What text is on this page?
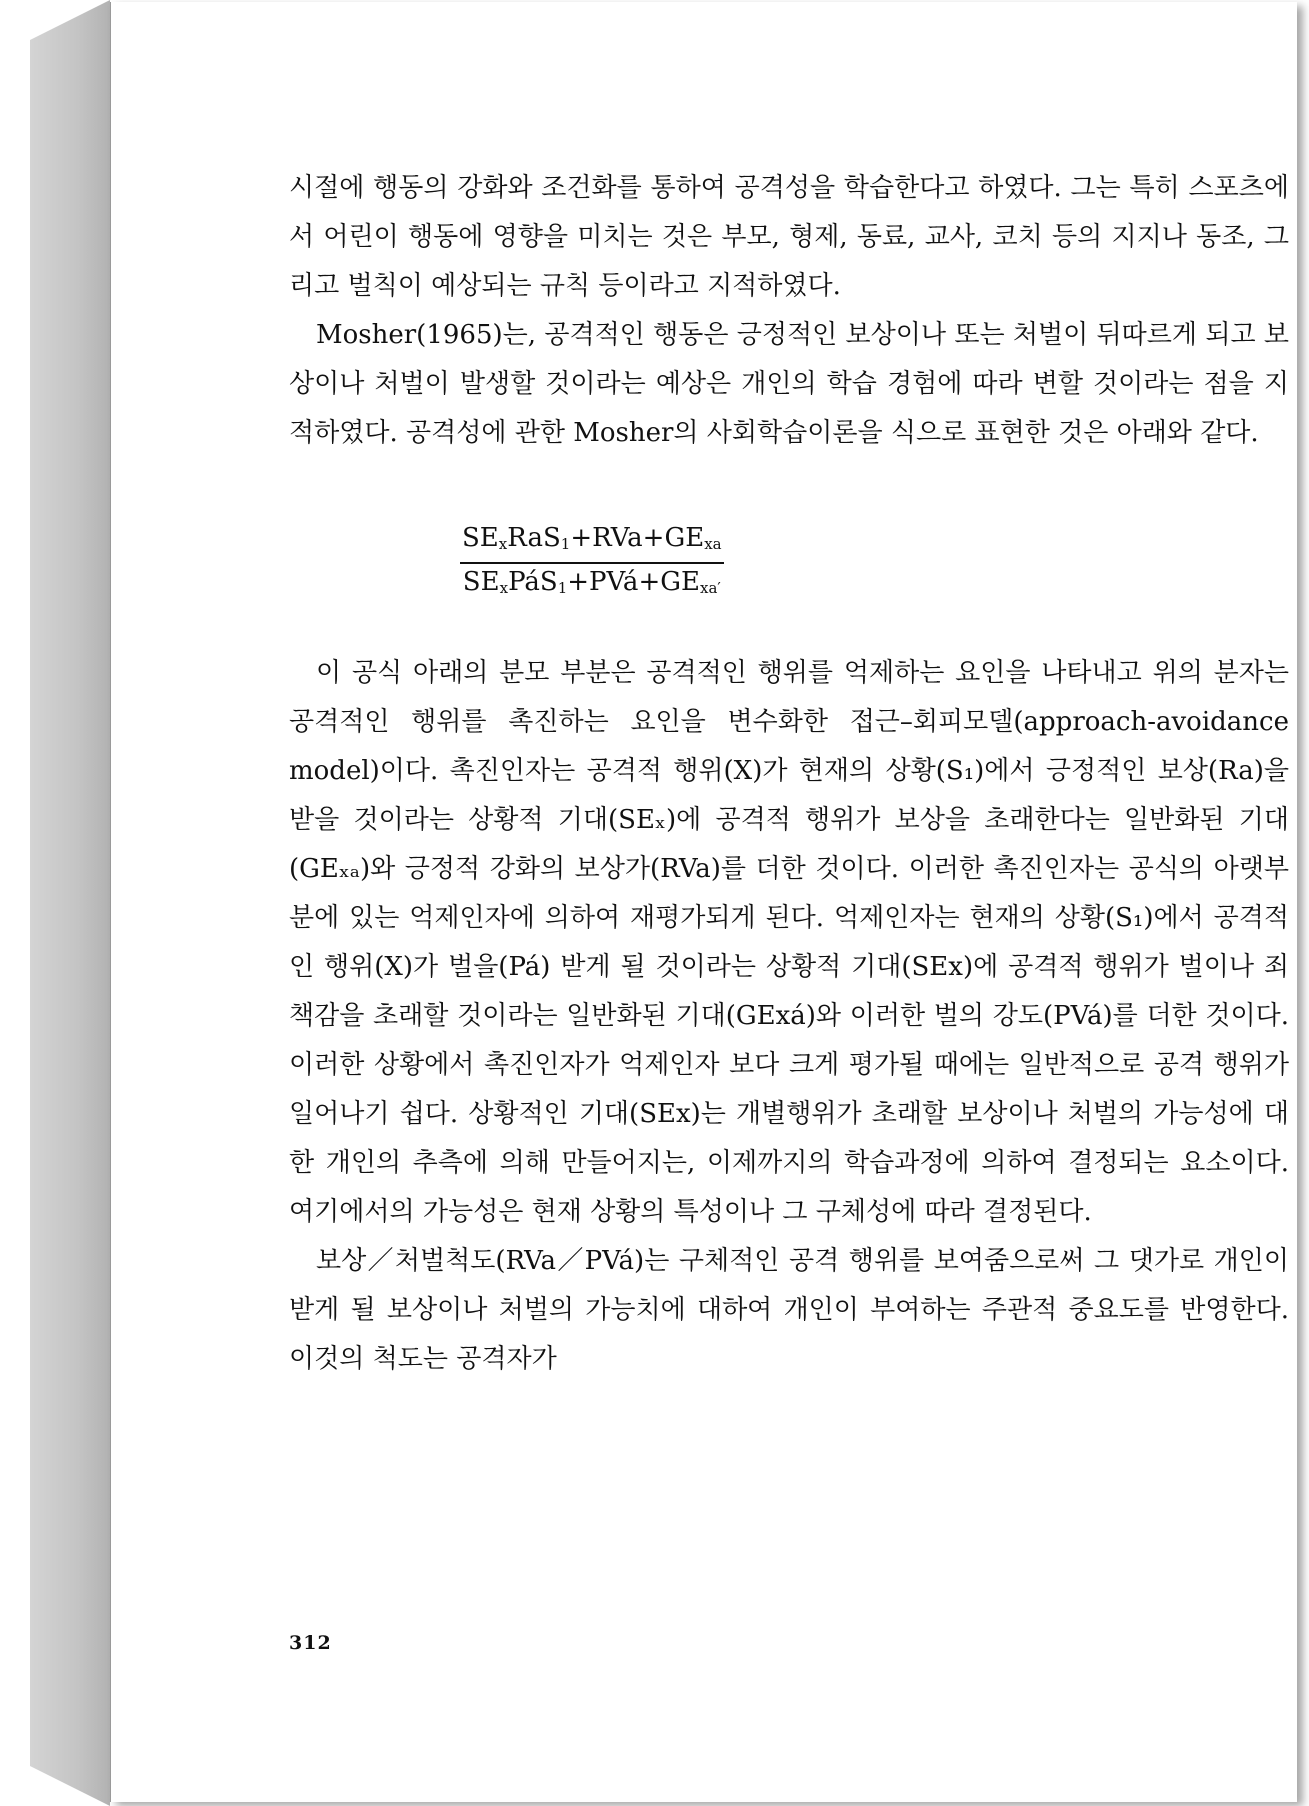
시절에 행동의 강화와 조건화를 통하여 공격성을 학습한다고 하였다. 그는 특히 스포츠에서 어린이 행동에 영향을 미치는 것은 부모, 형제, 동료, 교사, 코치 등의 지지나 동조, 그리고 벌칙이 예상되는 규칙 등이라고 지적하였다.

Mosher(1965)는, 공격적인 행동은 긍정적인 보상이나 또는 처벌이 뒤따르게 되고 보상이나 처벌이 발생할 것이라는 예상은 개인의 학습 경험에 따라 변할 것이라는 점을 지적하였다. 공격성에 관한 Mosher의 사회학습이론을 식으로 표현한 것은 아래와 같다.

$\frac{SE_xRaS_1+RVa+GE_{xa}}{SE_xPáS_1+PVá+GE_{xa'}}$

이 공식 아래의 분모 부분은 공격적인 행위를 억제하는 요인을 나타내고 위의 분자는 공격적인 행위를 촉진하는 요인을 변수화한 접근–회피모델(approach-avoidance model)이다. 촉진인자는 공격적 행위(X)가 현재의 상황(S₁)에서 긍정적인 보상(Ra)을 받을 것이라는 상황적 기대(SEₓ)에 공격적 행위가 보상을 초래한다는 일반화된 기대(GEₓₐ)와 긍정적 강화의 보상가(RVa)를 더한 것이다. 이러한 촉진인자는 공식의 아랫부분에 있는 억제인자에 의하여 재평가되게 된다. 억제인자는 현재의 상황(S₁)에서 공격적인 행위(X)가 벌을(Pá) 받게 될 것이라는 상황적 기대(SEx)에 공격적 행위가 벌이나 죄책감을 초래할 것이라는 일반화된 기대(GExá)와 이러한 벌의 강도(PVá)를 더한 것이다. 이러한 상황에서 촉진인자가 억제인자 보다 크게 평가될 때에는 일반적으로 공격 행위가 일어나기 쉽다. 상황적인 기대(SEx)는 개별행위가 초래할 보상이나 처벌의 가능성에 대한 개인의 추측에 의해 만들어지는, 이제까지의 학습과정에 의하여 결정되는 요소이다. 여기에서의 가능성은 현재 상황의 특성이나 그 구체성에 따라 결정된다.

보상／처벌척도(RVa／PVá)는 구체적인 공격 행위를 보여줌으로써 그 댓가로 개인이 받게 될 보상이나 처벌의 가능치에 대하여 개인이 부여하는 주관적 중요도를 반영한다. 이것의 척도는 공격자가

312
